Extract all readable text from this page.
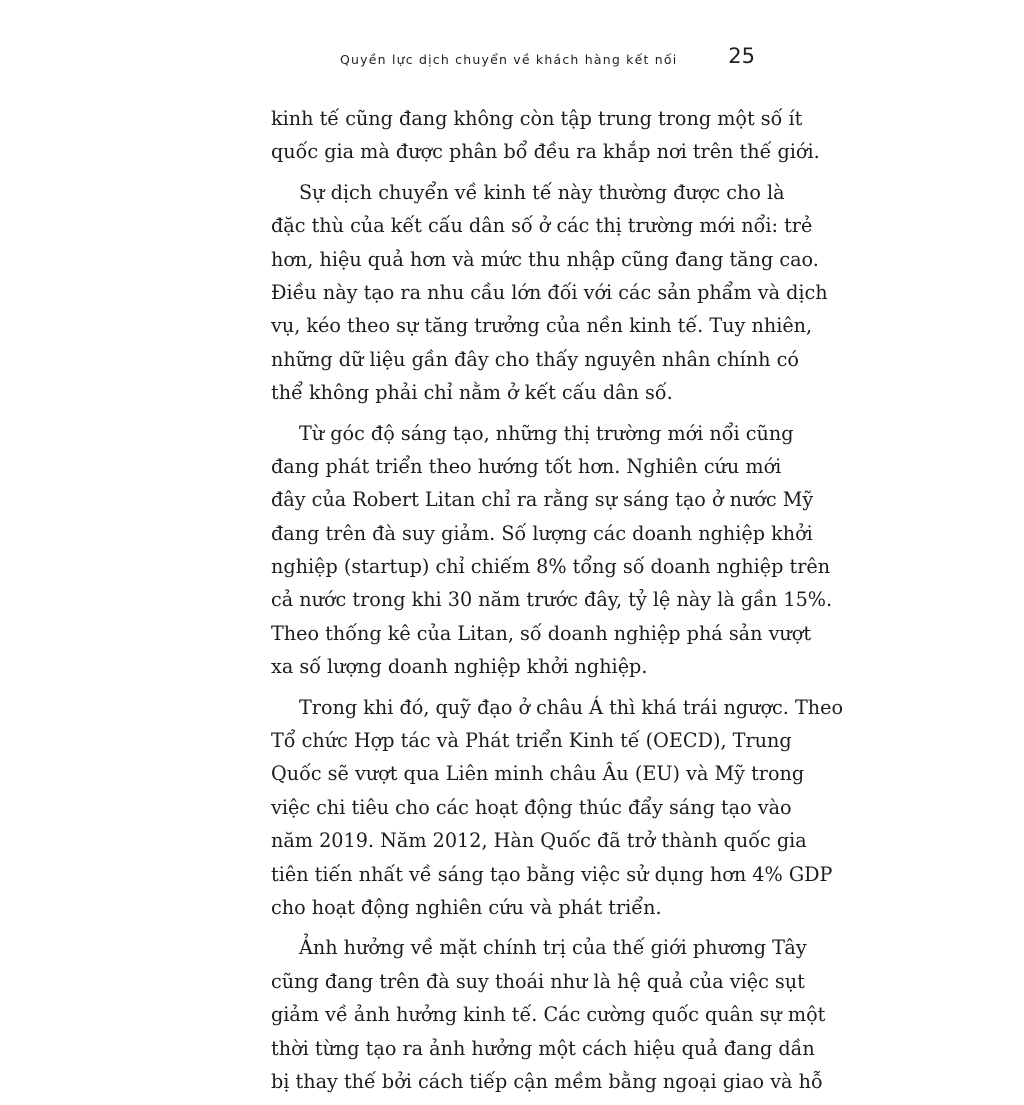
Quyền lực dịch chuyển về khách hàng kết nối 25
kinh tế cũng đang không còn tập trung trong một số ít
quốc gia mà được phân bổ đều ra khắp nơi trên thế giới.
Sự dịch chuyển về kinh tế này thường được cho là
đặc thù của kết cấu dân số ở các thị trường mới nổi: trẻ
hơn, hiệu quả hơn và mức thu nhập cũng đang tăng cao.
Điều này tạo ra nhu cầu lớn đối với các sản phẩm và dịch
vụ, kéo theo sự tăng trưởng của nền kinh tế. Tuy nhiên,
những dữ liệu gần đây cho thấy nguyên nhân chính có
thể không phải chỉ nằm ở kết cấu dân số.
Từ góc độ sáng tạo, những thị trường mới nổi cũng
đang phát triển theo hướng tốt hơn. Nghiên cứu mới
đây của Robert Litan chỉ ra rằng sự sáng tạo ở nước Mỹ
đang trên đà suy giảm. Số lượng các doanh nghiệp khởi
nghiệp (startup) chỉ chiếm 8% tổng số doanh nghiệp trên
cả nước trong khi 30 năm trước đây, tỷ lệ này là gần 15%.
Theo thống kê của Litan, số doanh nghiệp phá sản vượt
xa số lượng doanh nghiệp khởi nghiệp.
Trong khi đó, quỹ đạo ở châu Á thì khá trái ngược. Theo
Tổ chức Hợp tác và Phát triển Kinh tế (OECD), Trung
Quốc sẽ vượt qua Liên minh châu Âu (EU) và Mỹ trong
việc chi tiêu cho các hoạt động thúc đẩy sáng tạo vào
năm 2019. Năm 2012, Hàn Quốc đã trở thành quốc gia
tiên tiến nhất về sáng tạo bằng việc sử dụng hơn 4% GDP
cho hoạt động nghiên cứu và phát triển.
Ảnh hưởng về mặt chính trị của thế giới phương Tây
cũng đang trên đà suy thoái như là hệ quả của việc sụt
giảm về ảnh hưởng kinh tế. Các cường quốc quân sự một
thời từng tạo ra ảnh hưởng một cách hiệu quả đang dần
bị thay thế bởi cách tiếp cận mềm bằng ngoại giao và hỗ
